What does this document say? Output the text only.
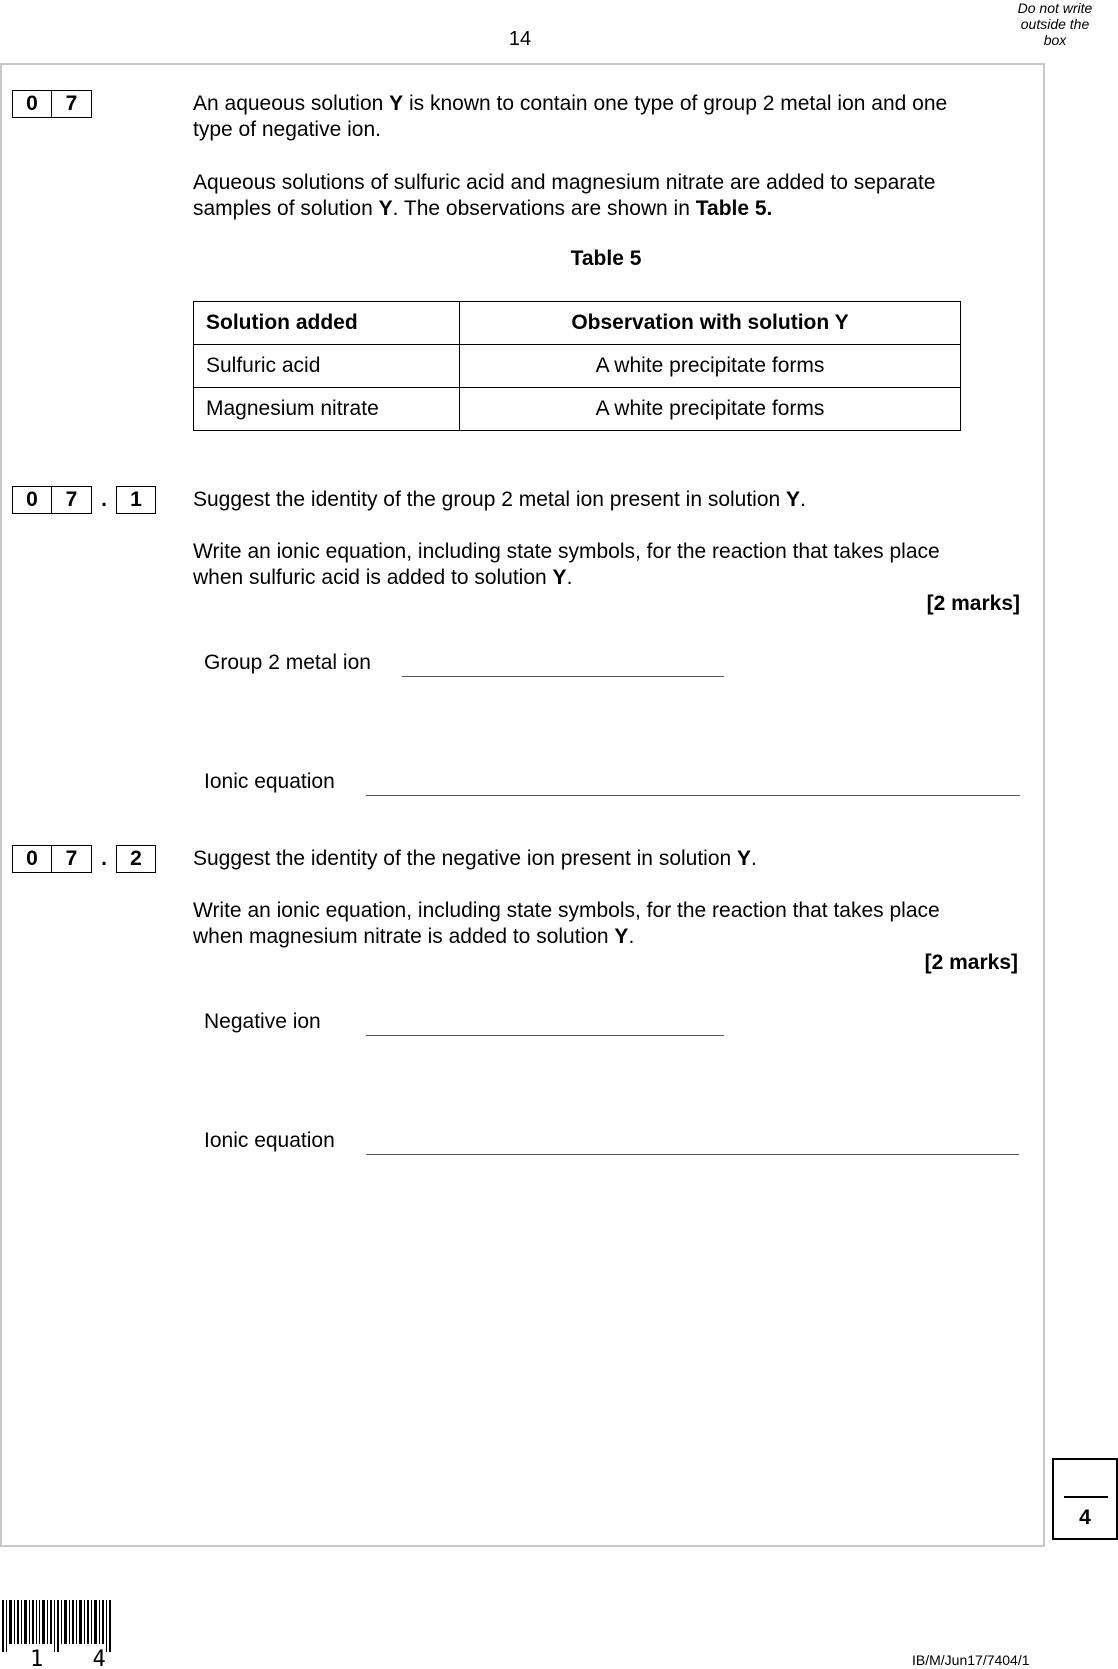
14
Do not write
outside the
box
0	7	An aqueous solution Y is known to contain one type of group 2 metal ion and one
type of negative ion.
Aqueous solutions of sulfuric acid and magnesium nitrate are added to separate
samples of solution Y. The observations are shown in Table 5.
Table 5
Solution added	Observation with solution Y
Sulfuric acid	A white precipitate forms
Magnesium nitrate	A white precipitate forms
0	7	.	1	Suggest the identity of the group 2 metal ion present in solution Y.
Write an ionic equation, including state symbols, for the reaction that takes place
when sulfuric acid is added to solution Y.
[2 marks]
Group 2 metal ion
Ionic equation
0	7	.	2	Suggest the identity of the negative ion present in solution Y.
Write an ionic equation, including state symbols, for the reaction that takes place
when magnesium nitrate is added to solution Y.
[2 marks]
Negative ion
Ionic equation
4
1 4	IB/M/Jun17/7404/1
